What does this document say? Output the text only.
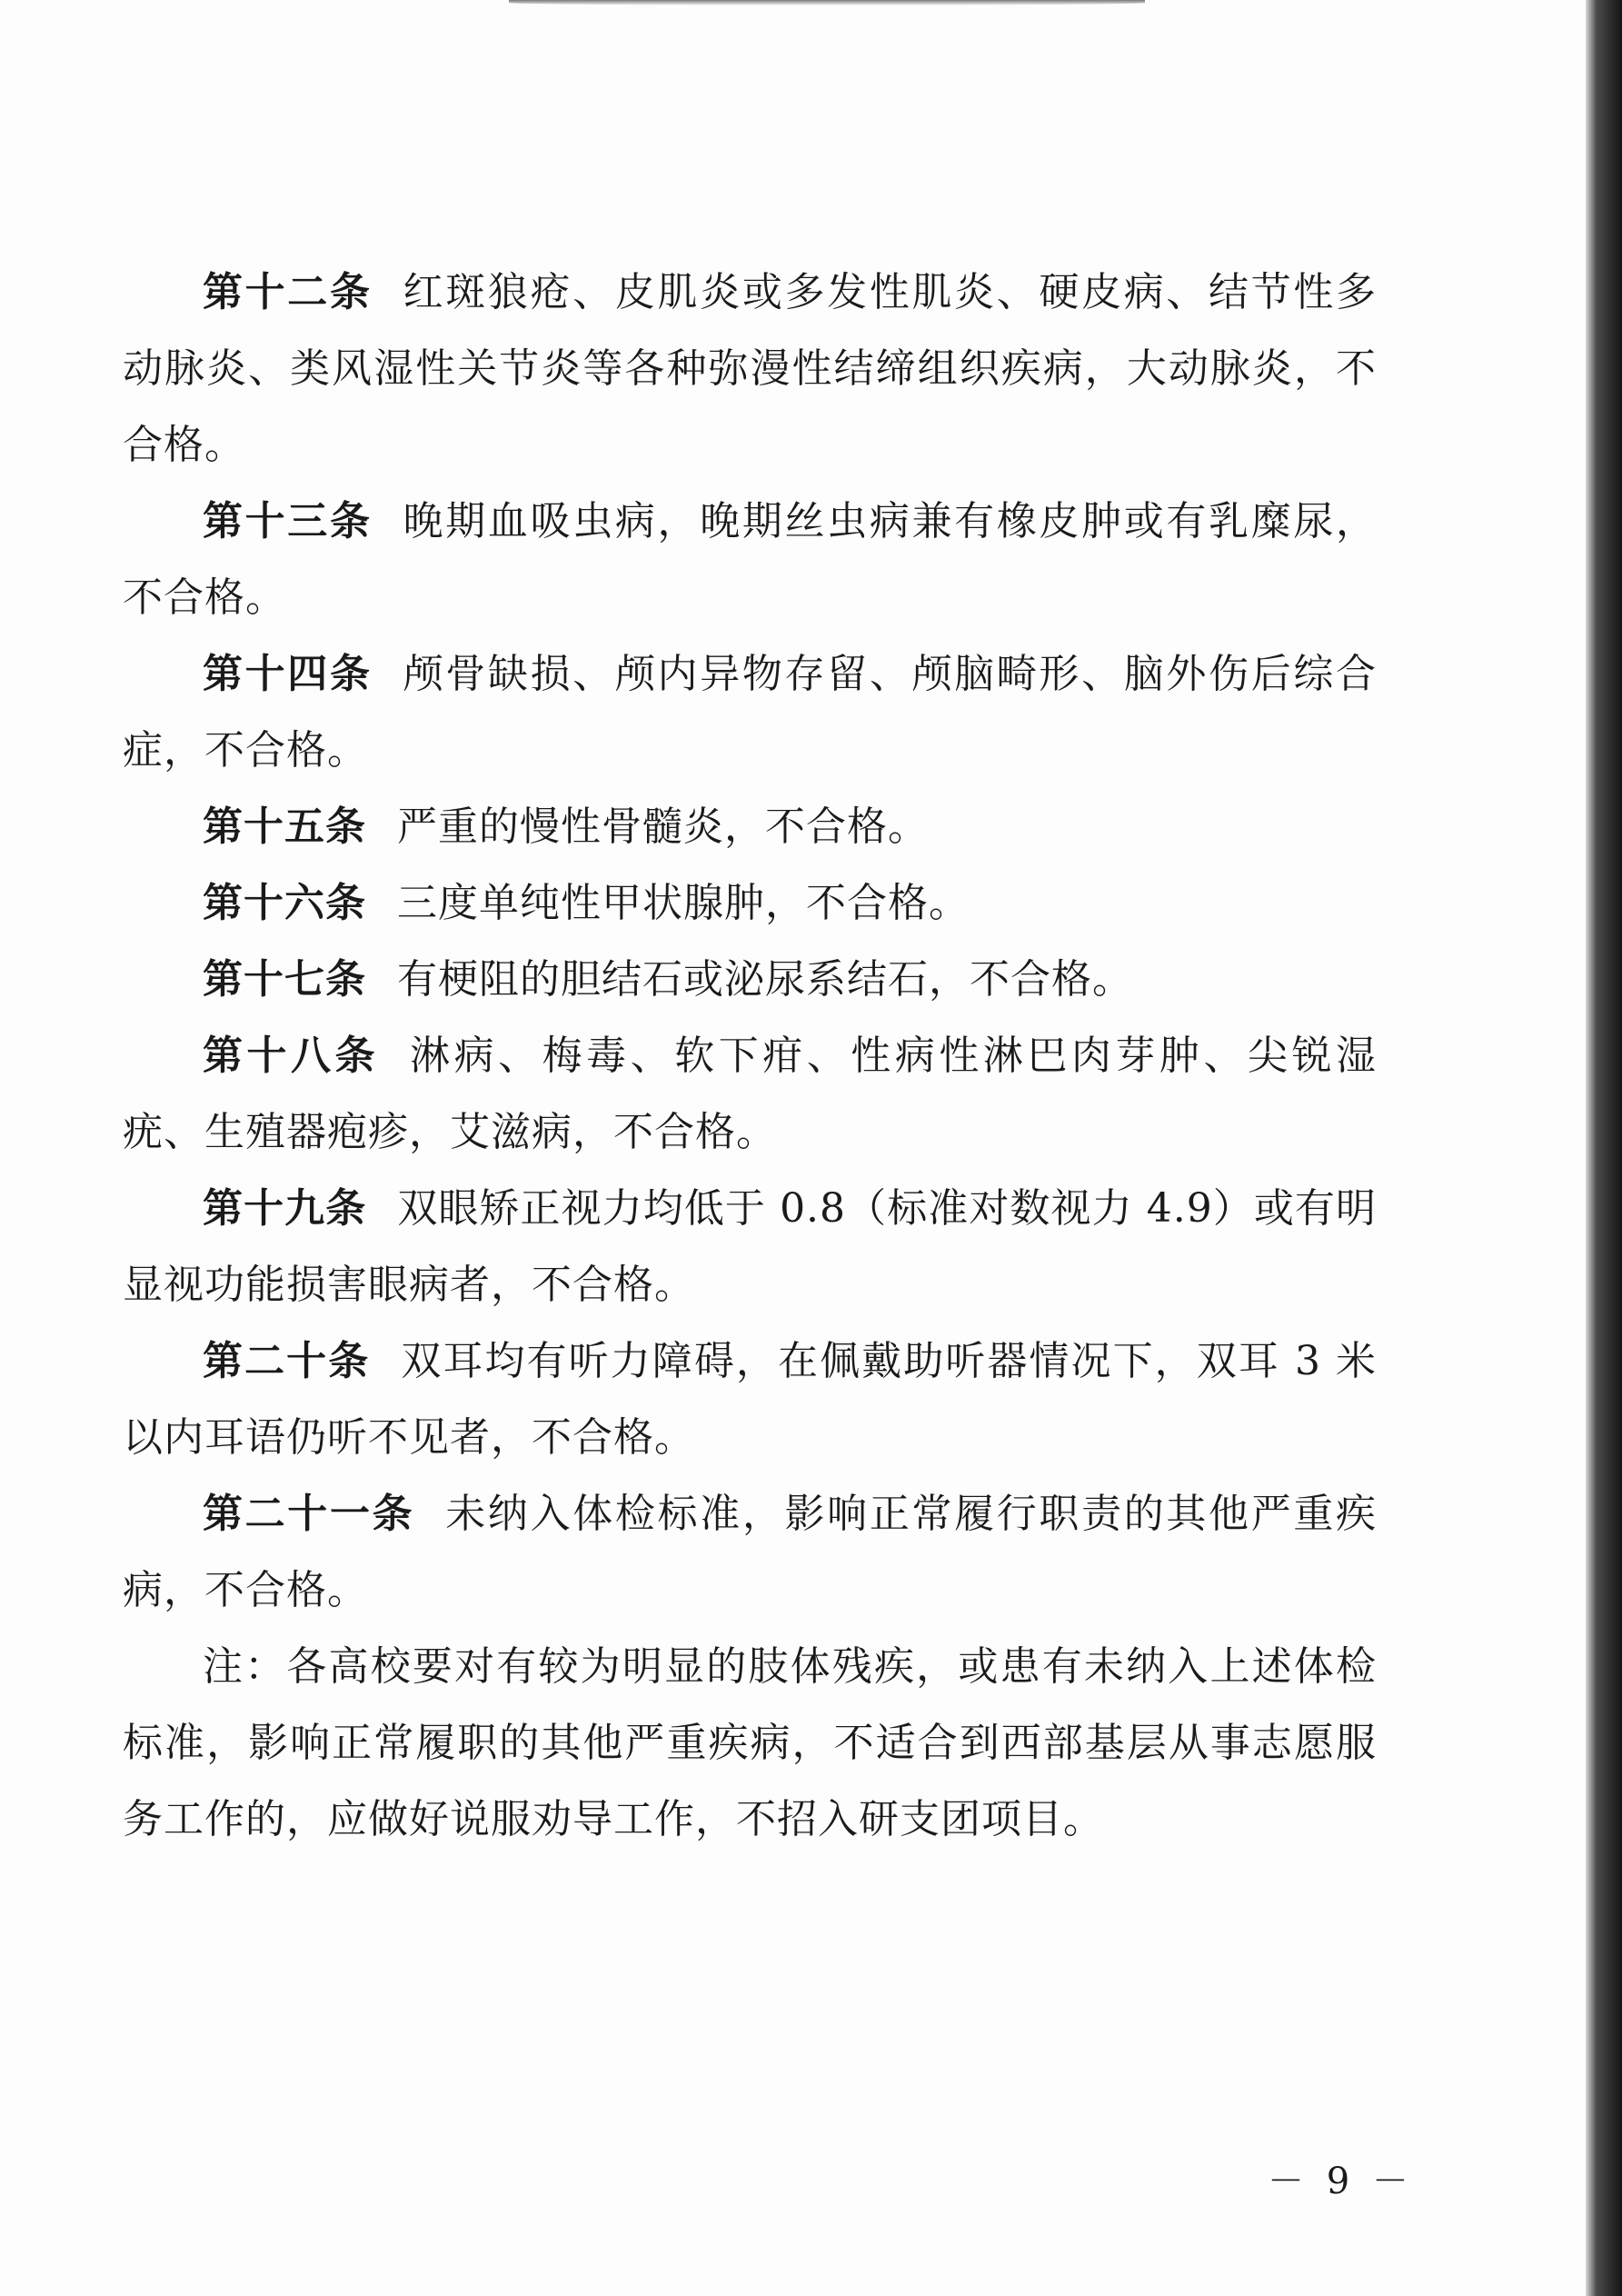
第十二条 红斑狼疮、皮肌炎或多发性肌炎、硬皮病、结节性多动脉炎、类风湿性关节炎等各种弥漫性结缔组织疾病，大动脉炎，不合格。

第十三条 晚期血吸虫病，晚期丝虫病兼有橡皮肿或有乳糜尿，不合格。

第十四条 颅骨缺损、颅内异物存留、颅脑畸形、脑外伤后综合症，不合格。

第十五条 严重的慢性骨髓炎，不合格。

第十六条 三度单纯性甲状腺肿，不合格。

第十七条 有梗阻的胆结石或泌尿系结石，不合格。

第十八条 淋病、梅毒、软下疳、性病性淋巴肉芽肿、尖锐湿疣、生殖器疱疹，艾滋病，不合格。

第十九条 双眼矫正视力均低于 0.8（标准对数视力 4.9）或有明显视功能损害眼病者，不合格。

第二十条 双耳均有听力障碍，在佩戴助听器情况下，双耳 3 米以内耳语仍听不见者，不合格。

第二十一条 未纳入体检标准，影响正常履行职责的其他严重疾病，不合格。

注：各高校要对有较为明显的肢体残疾，或患有未纳入上述体检标准，影响正常履职的其他严重疾病，不适合到西部基层从事志愿服务工作的，应做好说服劝导工作，不招入研支团项目。

－ 9 －
